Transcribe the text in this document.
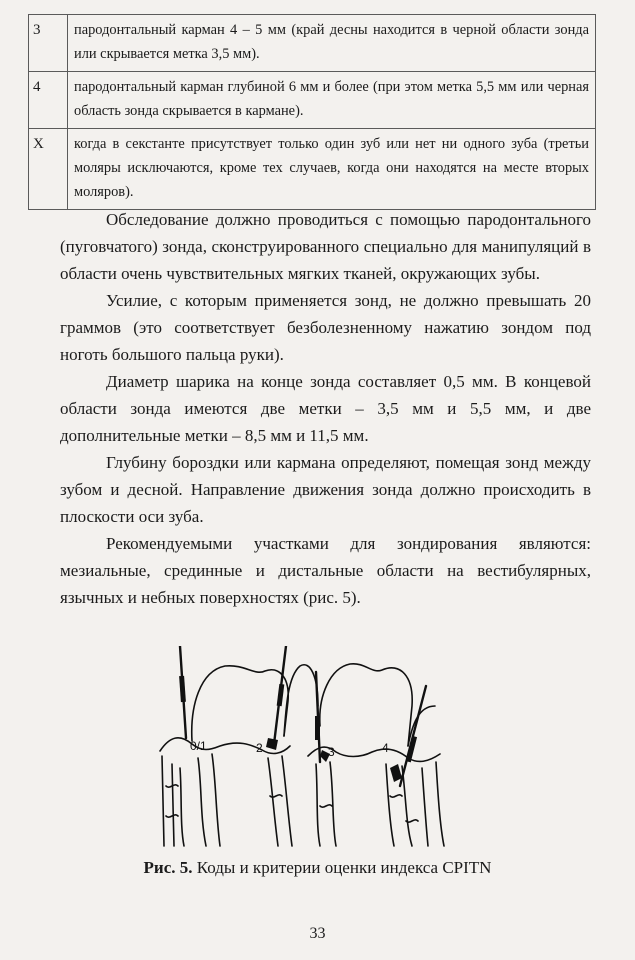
3	пародонтальный карман 4 – 5 мм (край десны находится в черной области зонда или скрывается метка 3,5 мм).
4	пародонтальный карман глубиной 6 мм и более (при этом метка 5,5 мм или черная область зонда скрывается в кармане).
X	когда в секстанте присутствует только один зуб или нет ни одного зуба (третьи моляры исключаются, кроме тех случаев, когда они находятся на месте вторых моляров).

Обследование должно проводиться с помощью пародонтального (пуговчатого) зонда, сконструированного специально для манипуляций в области очень чувствительных мягких тканей, окружающих зубы.

Усилие, с которым применяется зонд, не должно превышать 20 граммов (это соответствует безболезненному нажатию зондом под ноготь большого пальца руки).

Диаметр шарика на конце зонда составляет 0,5 мм. В концевой области зонда имеются две метки – 3,5 мм и 5,5 мм, и две дополнительные метки – 8,5 мм и 11,5 мм.

Глубину бороздки или кармана определяют, помещая зонд между зубом и десной. Направление движения зонда должно происходить в плоскости оси зуба.

Рекомендуемыми участками для зондирования являются: мезиальные, срединные и дистальные области на вестибулярных, язычных и небных поверхностях (рис. 5).

0/1	2	3	4
Рис. 5. Коды и критерии оценки индекса CPITN
33
